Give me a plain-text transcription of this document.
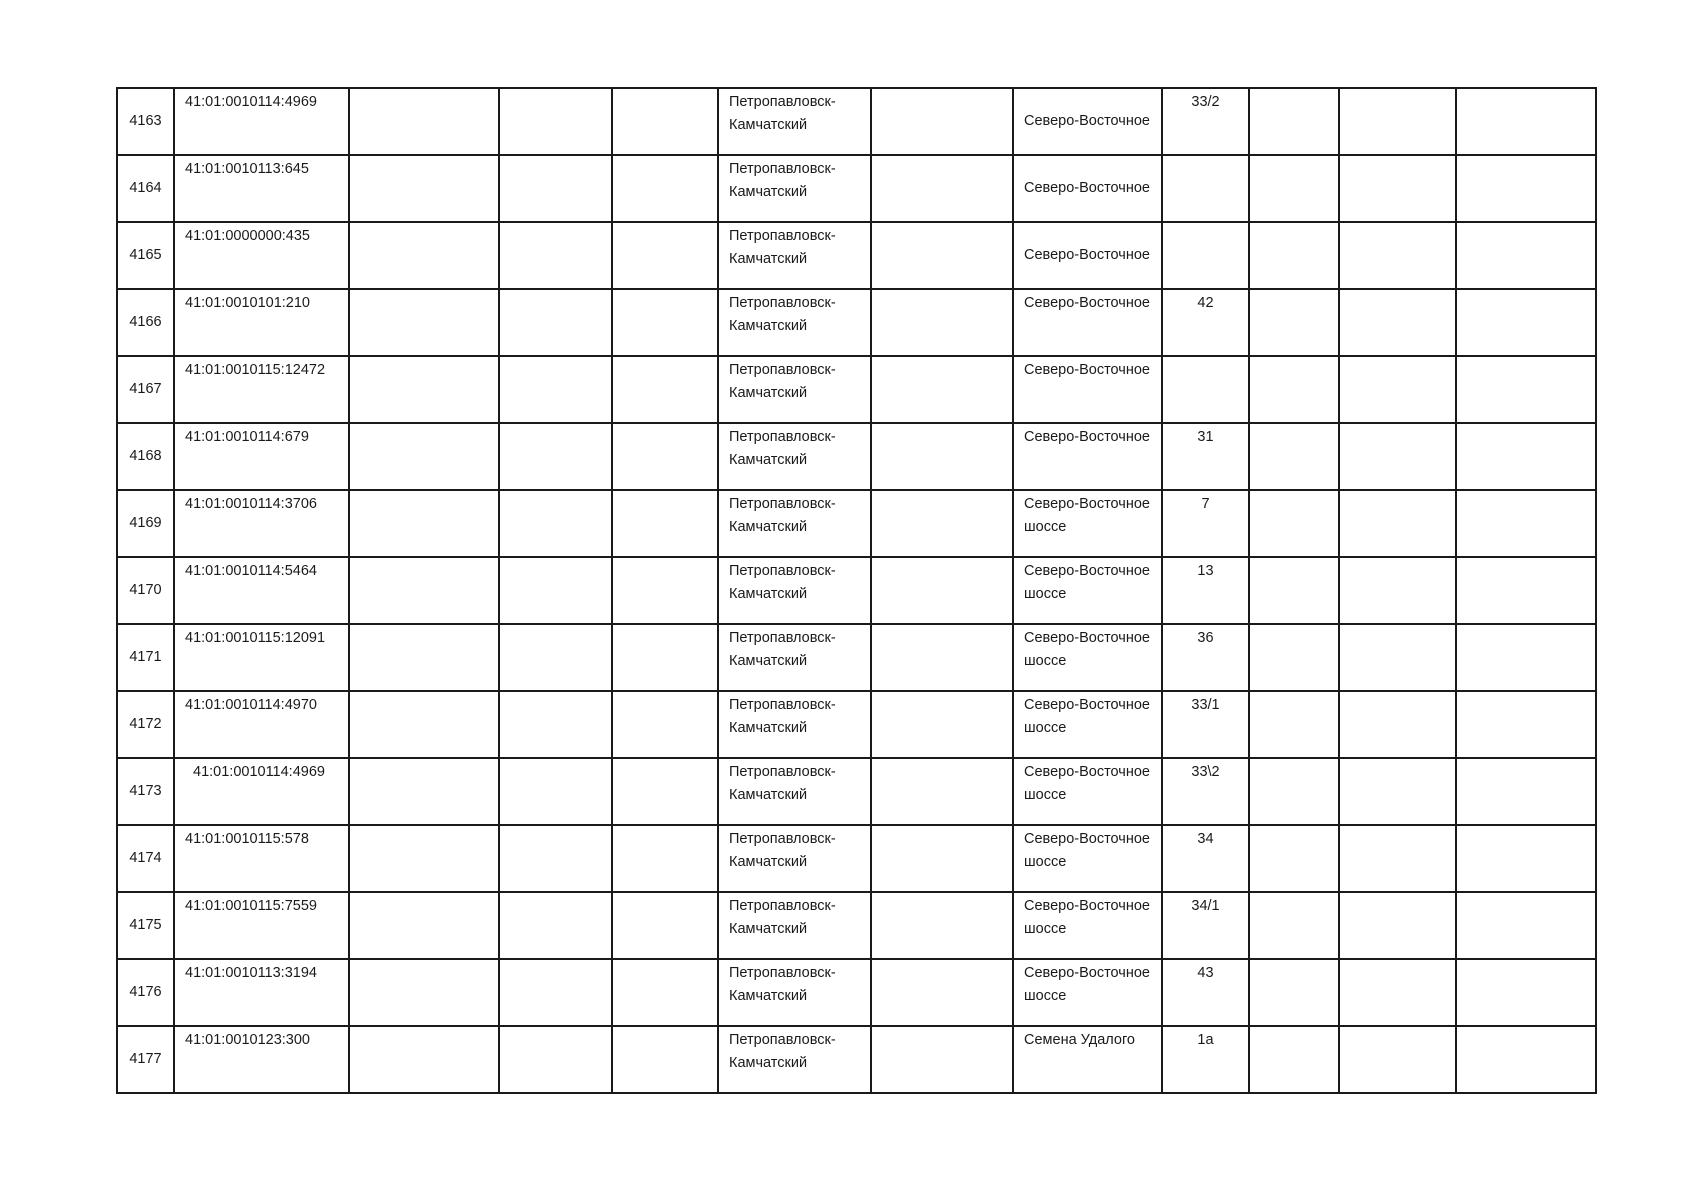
4163	41:01:0010114:4969				Петропавловск-
Камчатский		Северо-Восточное	33/2			
4164	41:01:0010113:645				Петропавловск-
Камчатский		Северо-Восточное				

4165	41:01:0000000:435				Петропавловск-
Камчатский		Северо-Восточное				

4166	41:01:0010101:210				Петропавловск-
Камчатский		Северо-Восточное	42			
4167	41:01:0010115:12472				Петропавловск-
Камчатский		Северо-Восточное				

4168	41:01:0010114:679				Петропавловск-
Камчатский		Северо-Восточное	31			
4169	41:01:0010114:3706				Петропавловск-
Камчатский		Северо-Восточное
шоссе	7			
4170	41:01:0010114:5464				Петропавловск-
Камчатский		Северо-Восточное
шоссе	13			
4171	41:01:0010115:12091				Петропавловск-
Камчатский		Северо-Восточное
шоссе	36			
4172	41:01:0010114:4970				Петропавловск-
Камчатский		Северо-Восточное
шоссе	33/1			
4173	41:01:0010114:4969				Петропавловск-
Камчатский		Северо-Восточное
шоссе	33\2			
4174	41:01:0010115:578				Петропавловск-
Камчатский		Северо-Восточное
шоссе	34			
4175	41:01:0010115:7559				Петропавловск-
Камчатский		Северо-Восточное
шоссе	34/1			
4176	41:01:0010113:3194				Петропавловск-
Камчатский		Северо-Восточное
шоссе	43			
4177	41:01:0010123:300				Петропавловск-
Камчатский		Семена Удалого	1а			
